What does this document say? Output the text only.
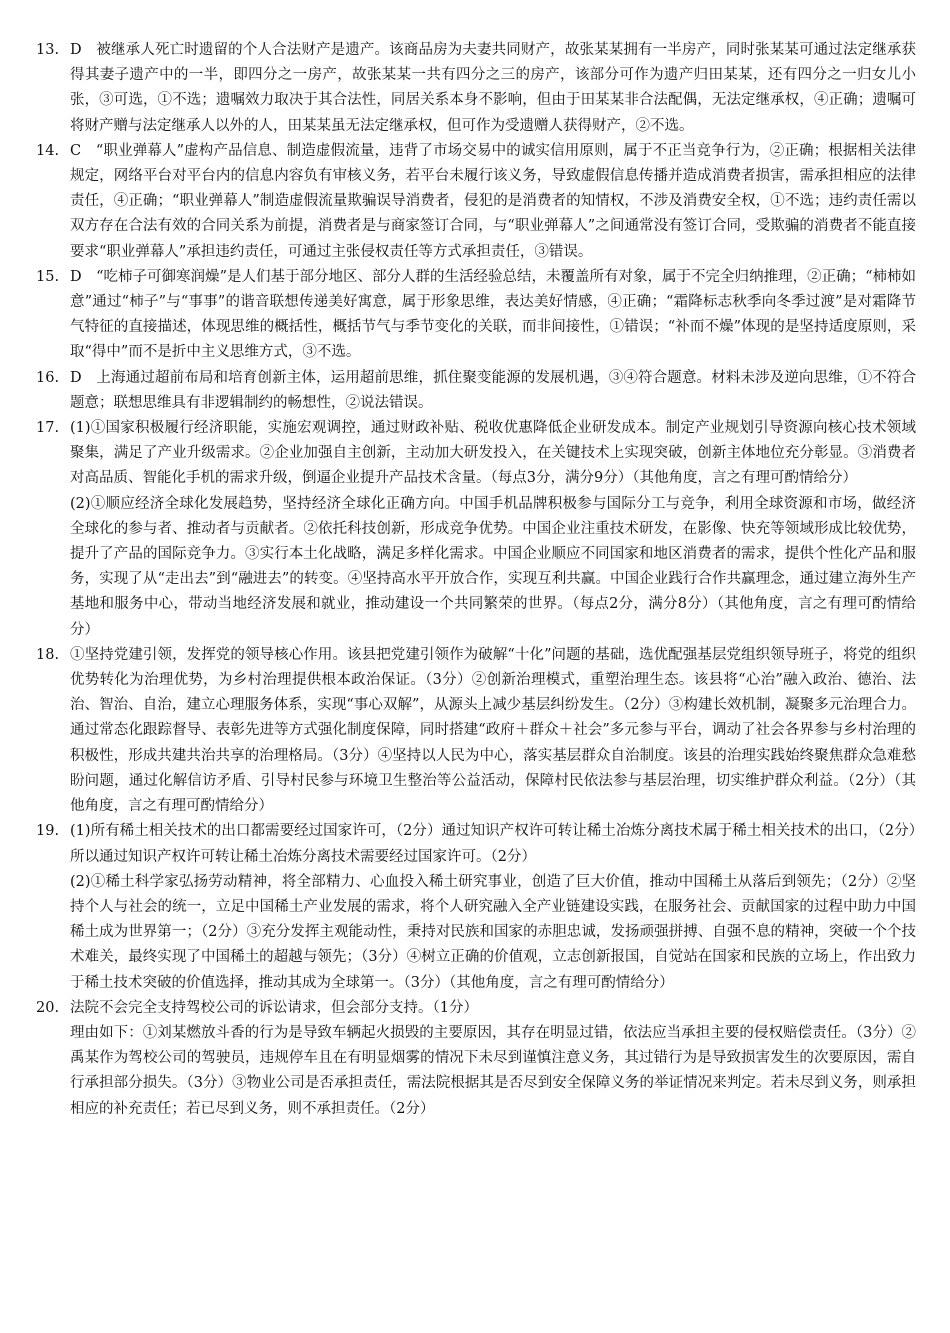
13. D　被继承人死亡时遗留的个人合法财产是遗产。该商品房为夫妻共同财产，故张某某拥有一半房产，同时张某某可通过法定继承获得其妻子遗产中的一半，即四分之一房产，故张某某一共有四分之三的房产，该部分可作为遗产归田某某，还有四分之一归女儿小张，③可选，①不选；遗嘱效力取决于其合法性，同居关系本身不影响，但由于田某某非合法配偶，无法定继承权，④正确；遗嘱可将财产赠与法定继承人以外的人，田某某虽无法定继承权，但可作为受遗赠人获得财产，②不选。

14. C　“职业弹幕人”虚构产品信息、制造虚假流量，违背了市场交易中的诚实信用原则，属于不正当竞争行为，②正确；根据相关法律规定，网络平台对平台内的信息内容负有审核义务，若平台未履行该义务，导致虚假信息传播并造成消费者损害，需承担相应的法律责任，④正确；“职业弹幕人”制造虚假流量欺骗误导消费者，侵犯的是消费者的知情权，不涉及消费安全权，①不选；违约责任需以双方存在合法有效的合同关系为前提，消费者是与商家签订合同，与“职业弹幕人”之间通常没有签订合同，受欺骗的消费者不能直接要求“职业弹幕人”承担违约责任，可通过主张侵权责任等方式承担责任，③错误。

15. D　“吃柿子可御寒润燥”是人们基于部分地区、部分人群的生活经验总结，未覆盖所有对象，属于不完全归纳推理，②正确；“柿柿如意”通过“柿子”与“事事”的谐音联想传递美好寓意，属于形象思维，表达美好情感，④正确；“霜降标志秋季向冬季过渡”是对霜降节气特征的直接描述，体现思维的概括性，概括节气与季节变化的关联，而非间接性，①错误；“补而不燥”体现的是坚持适度原则，采取“得中”而不是折中主义思维方式，③不选。

16. D　上海通过超前布局和培育创新主体，运用超前思维，抓住聚变能源的发展机遇，③④符合题意。材料未涉及逆向思维，①不符合题意；联想思维具有非逻辑制约的畅想性，②说法错误。

17. (1)①国家积极履行经济职能，实施宏观调控，通过财政补贴、税收优惠降低企业研发成本。制定产业规划引导资源向核心技术领域聚集，满足了产业升级需求。②企业加强自主创新，主动加大研发投入，在关键技术上实现突破，创新主体地位充分彰显。③消费者对高品质、智能化手机的需求升级，倒逼企业提升产品技术含量。（每点3分，满分9分）（其他角度，言之有理可酌情给分）

(2)①顺应经济全球化发展趋势，坚持经济全球化正确方向。中国手机品牌积极参与国际分工与竞争，利用全球资源和市场，做经济全球化的参与者、推动者与贡献者。②依托科技创新，形成竞争优势。中国企业注重技术研发，在影像、快充等领域形成比较优势，提升了产品的国际竞争力。③实行本土化战略，满足多样化需求。中国企业顺应不同国家和地区消费者的需求，提供个性化产品和服务，实现了从“走出去”到“融进去”的转变。④坚持高水平开放合作，实现互利共赢。中国企业践行合作共赢理念，通过建立海外生产基地和服务中心，带动当地经济发展和就业，推动建设一个共同繁荣的世界。（每点2分，满分8分）（其他角度，言之有理可酌情给分）

18. ①坚持党建引领，发挥党的领导核心作用。该县把党建引领作为破解“十化”问题的基础，选优配强基层党组织领导班子，将党的组织优势转化为治理优势，为乡村治理提供根本政治保证。（3分）②创新治理模式，重塑治理生态。该县将“心治”融入政治、德治、法治、智治、自治，建立心理服务体系，实现“事心双解”，从源头上减少基层纠纷发生。（2分）③构建长效机制，凝聚多元治理合力。通过常态化跟踪督导、表彰先进等方式强化制度保障，同时搭建“政府＋群众＋社会”多元参与平台，调动了社会各界参与乡村治理的积极性，形成共建共治共享的治理格局。（3分）④坚持以人民为中心，落实基层群众自治制度。该县的治理实践始终聚焦群众急难愁盼问题，通过化解信访矛盾、引导村民参与环境卫生整治等公益活动，保障村民依法参与基层治理，切实维护群众利益。（2分）（其他角度，言之有理可酌情给分）

19. (1)所有稀土相关技术的出口都需要经过国家许可，（2分）通过知识产权许可转让稀土冶炼分离技术属于稀土相关技术的出口，（2分）所以通过知识产权许可转让稀土冶炼分离技术需要经过国家许可。（2分）

(2)①稀土科学家弘扬劳动精神，将全部精力、心血投入稀土研究事业，创造了巨大价值，推动中国稀土从落后到领先；（2分）②坚持个人与社会的统一，立足中国稀土产业发展的需求，将个人研究融入全产业链建设实践，在服务社会、贡献国家的过程中助力中国稀土成为世界第一；（2分）③充分发挥主观能动性，秉持对民族和国家的赤胆忠诚，发扬顽强拼搏、自强不息的精神，突破一个个技术难关，最终实现了中国稀土的超越与领先；（3分）④树立正确的价值观，立志创新报国，自觉站在国家和民族的立场上，作出致力于稀土技术突破的价值选择，推动其成为全球第一。（3分）（其他角度，言之有理可酌情给分）

20. 法院不会完全支持驾校公司的诉讼请求，但会部分支持。（1分）

理由如下：①刘某燃放斗香的行为是导致车辆起火损毁的主要原因，其存在明显过错，依法应当承担主要的侵权赔偿责任。（3分）②禹某作为驾校公司的驾驶员，违规停车且在有明显烟雾的情况下未尽到谨慎注意义务，其过错行为是导致损害发生的次要原因，需自行承担部分损失。（3分）③物业公司是否承担责任，需法院根据其是否尽到安全保障义务的举证情况来判定。若未尽到义务，则承担相应的补充责任；若已尽到义务，则不承担责任。（2分）
